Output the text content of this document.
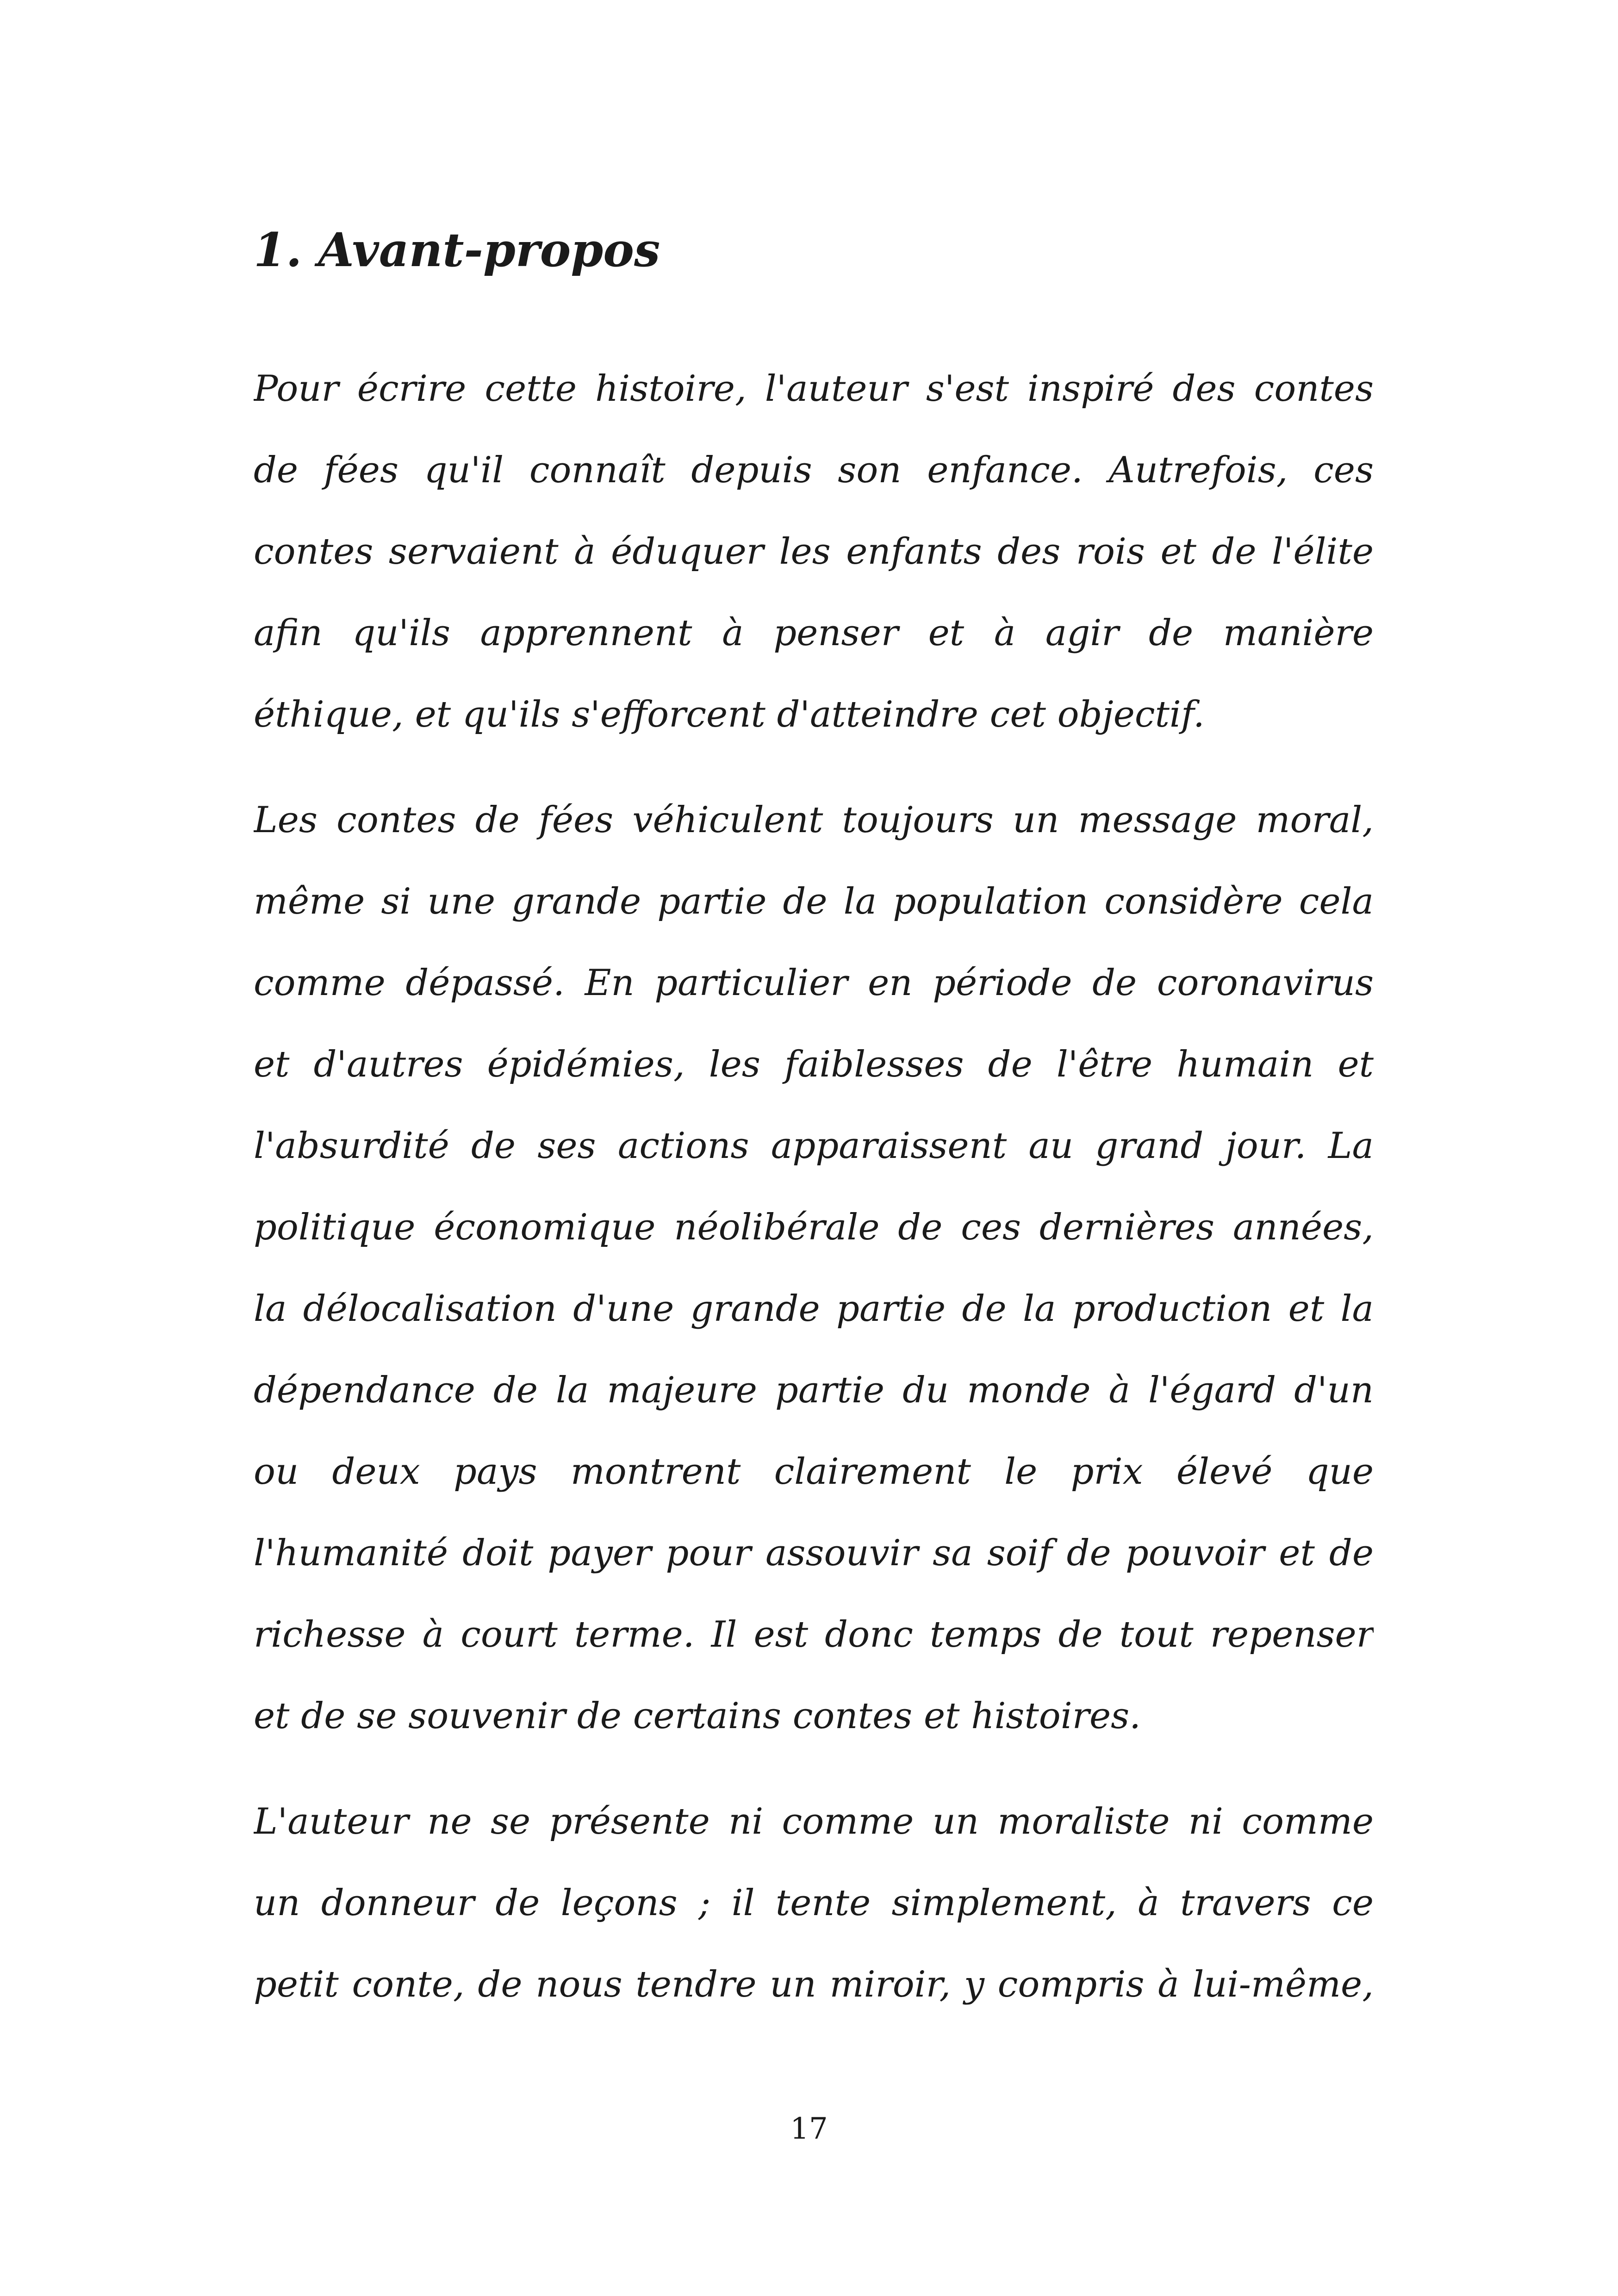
1. Avant-propos

Pour écrire cette histoire, l'auteur s'est inspiré des contes
de fées qu'il connaît depuis son enfance. Autrefois, ces
contes servaient à éduquer les enfants des rois et de l'élite
afin qu'ils apprennent à penser et à agir de manière
éthique, et qu'ils s'efforcent d'atteindre cet objectif.

Les contes de fées véhiculent toujours un message moral,
même si une grande partie de la population considère cela
comme dépassé. En particulier en période de coronavirus
et d'autres épidémies, les faiblesses de l'être humain et
l'absurdité de ses actions apparaissent au grand jour. La
politique économique néolibérale de ces dernières années,
la délocalisation d'une grande partie de la production et la
dépendance de la majeure partie du monde à l'égard d'un
ou deux pays montrent clairement le prix élevé que
l'humanité doit payer pour assouvir sa soif de pouvoir et de
richesse à court terme. Il est donc temps de tout repenser
et de se souvenir de certains contes et histoires.

L'auteur ne se présente ni comme un moraliste ni comme
un donneur de leçons ; il tente simplement, à travers ce
petit conte, de nous tendre un miroir, y compris à lui-même,

17
